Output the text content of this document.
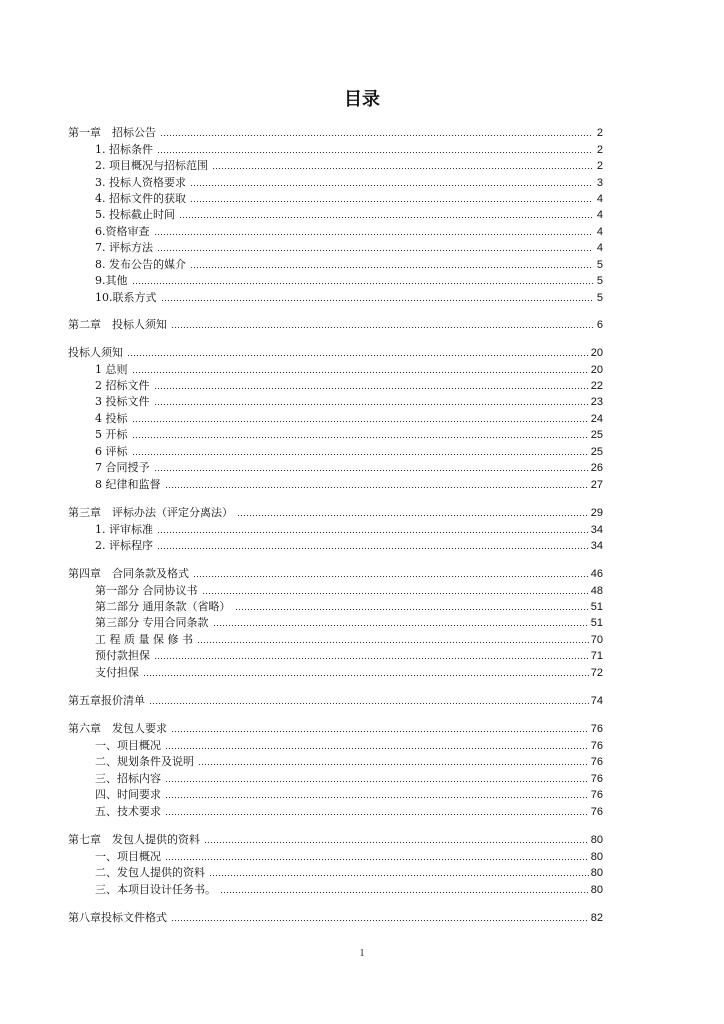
目录
第一章　招标公告	2
1. 招标条件	2
2. 项目概况与招标范围	2
3. 投标人资格要求	3
4. 招标文件的获取	4
5. 投标截止时间	4
6.资格审查	4
7. 评标方法	4
8. 发布公告的媒介	5
9.其他	5
10.联系方式	5
第二章　投标人须知	6
投标人须知	20
1 总则	20
2 招标文件	22
3 投标文件	23
4 投标	24
5 开标	25
6 评标	25
7 合同授予	26
8 纪律和监督	27
第三章　评标办法（评定分离法）	29
1. 评审标准	34
2. 评标程序	34
第四章　合同条款及格式	46
第一部分 合同协议书	48
第二部分 通用条款（省略）	51
第三部分 专用合同条款	51
工 程 质 量 保 修 书	70
预付款担保	71
支付担保	72
第五章报价清单	74
第六章　发包人要求	76
一、项目概况	76
二、规划条件及说明	76
三、招标内容	76
四、时间要求	76
五、技术要求	76
第七章　发包人提供的资料	80
一、项目概况	80
二、发包人提供的资料	80
三、本项目设计任务书。	80
第八章投标文件格式	82
1
